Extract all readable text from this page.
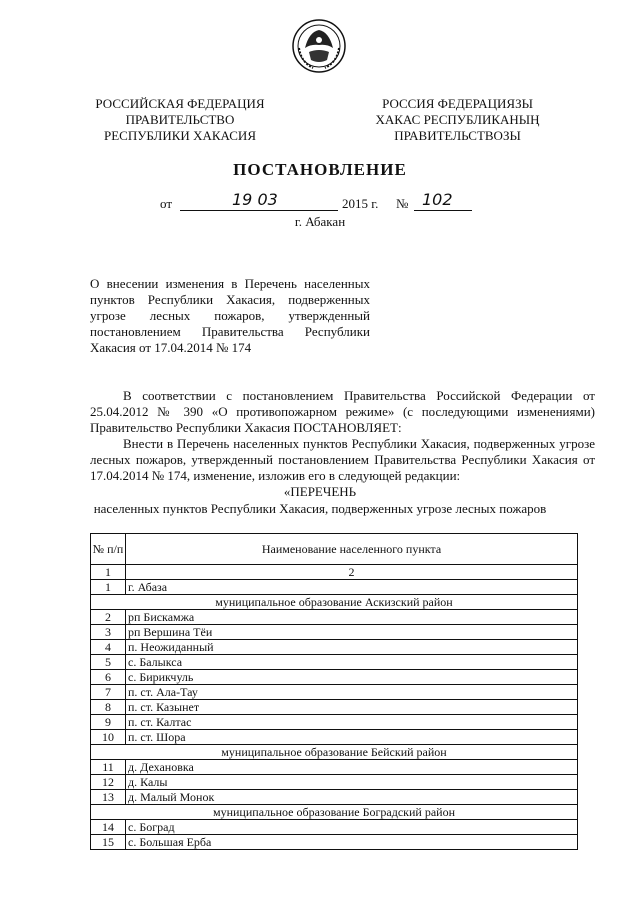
РОССИЙСКАЯ ФЕДЕРАЦИЯ
ПРАВИТЕЛЬСТВО
РЕСПУБЛИКИ ХАКАСИЯ
РОССИЯ ФЕДЕРАЦИЯЗЫ
ХАКАС РЕСПУБЛИКАНЫҢ
ПРАВИТЕЛЬСТВОЗЫ
ПОСТАНОВЛЕНИЕ
от	19 03	2015 г. № 102
г. Абакан
О внесении изменения в Перечень населенных пунктов Республики Хакасия, подверженных угрозе лесных пожаров, утвержденный постановлением Правительства Республики Хакасия от 17.04.2014 № 174
В соответствии с постановлением Правительства Российской Федерации от 25.04.2012 № 390 «О противопожарном режиме» (с последующими изменениями) Правительство Республики Хакасия ПОСТАНОВЛЯЕТ:
Внести в Перечень населенных пунктов Республики Хакасия, подверженных угрозе лесных пожаров, утвержденный постановлением Правительства Республики Хакасия от 17.04.2014 № 174, изменение, изложив его в следующей редакции:
«ПЕРЕЧЕНЬ
населенных пунктов Республики Хакасия, подверженных угрозе лесных пожаров
№ п/п	Наименование населенного пункта
1	2
1	г. Абаза
муниципальное образование Аскизский район	
2	рп Бискамжа
3	рп Вершина Тёи
4	п. Неожиданный
5	с. Балыкса
6	с. Бирикчуль
7	п. ст. Ала-Тау
8	п. ст. Казынет
9	п. ст. Калтас
10	п. ст. Шора
муниципальное образование Бейский район	
11	д. Дехановка
12	д. Калы
13	д. Малый Монок
муниципальное образование Боградский район	
14	с. Боград
15	с. Большая Ерба
